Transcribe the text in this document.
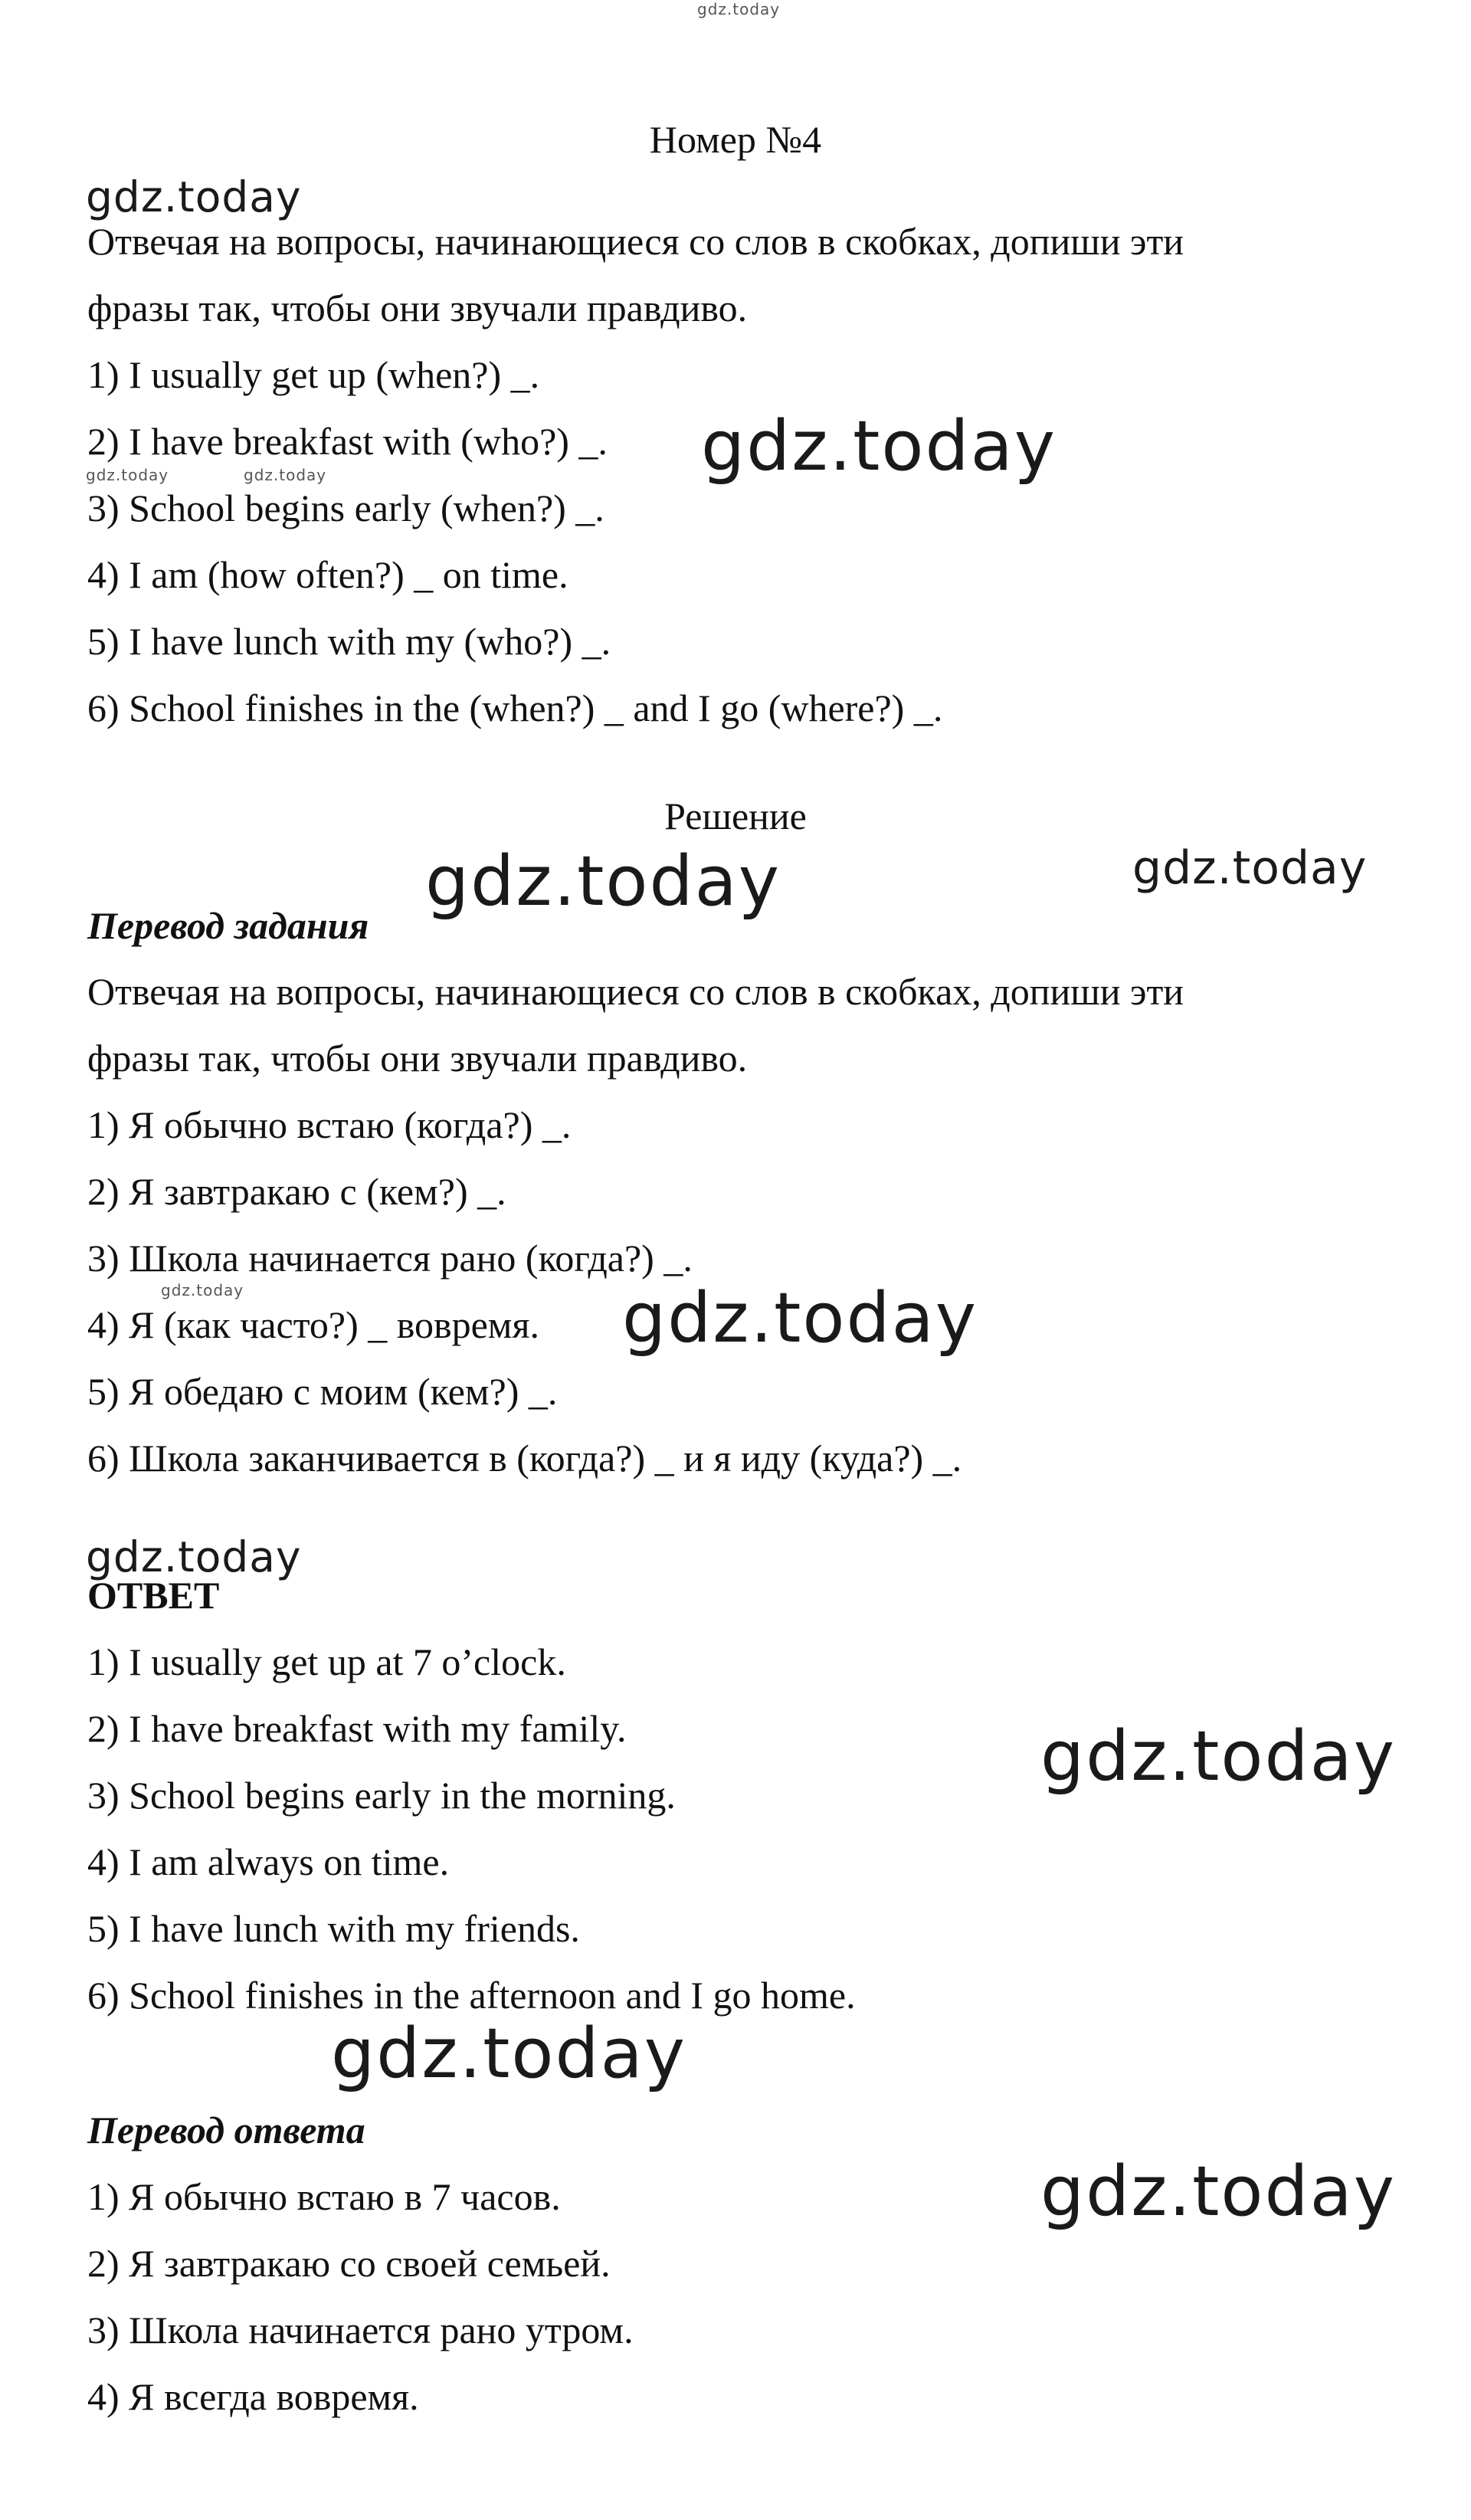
gdz.today
Номер №4
gdz.today
Отвечая на вопросы, начинающиеся со слов в скобках, допиши эти
фразы так, чтобы они звучали правдиво.
1) I usually get up (when?) _.
2) I have breakfast with (who?) _. gdz.today
gdz.today	gdz.today
3) School begins early (when?) _.
4) I am (how often?) _ on time.
5) I have lunch with my (who?) _.
6) School finishes in the (when?) _ and I go (where?) _.
Решение
gdz.today	gdz.today
Перевод задания
Отвечая на вопросы, начинающиеся со слов в скобках, допиши эти
фразы так, чтобы они звучали правдиво.
1) Я обычно встаю (когда?) _.
2) Я завтракаю с (кем?) _.
3) Школа начинается рано (когда?) _.
gdz.today
4) Я (как часто?) _ вовремя. gdz.today
5) Я обедаю с моим (кем?) _.
6) Школа заканчивается в (когда?) _ и я иду (куда?) _.
gdz.today
ОТВЕТ
1) I usually get up at 7 o’clock.
2) I have breakfast with my family.	gdz.today
3) School begins early in the morning.
4) I am always on time.
5) I have lunch with my friends.
6) School finishes in the afternoon and I go home.
gdz.today
Перевод ответа
1) Я обычно встаю в 7 часов.	gdz.today
2) Я завтракаю со своей семьей.
3) Школа начинается рано утром.
4) Я всегда вовремя.
